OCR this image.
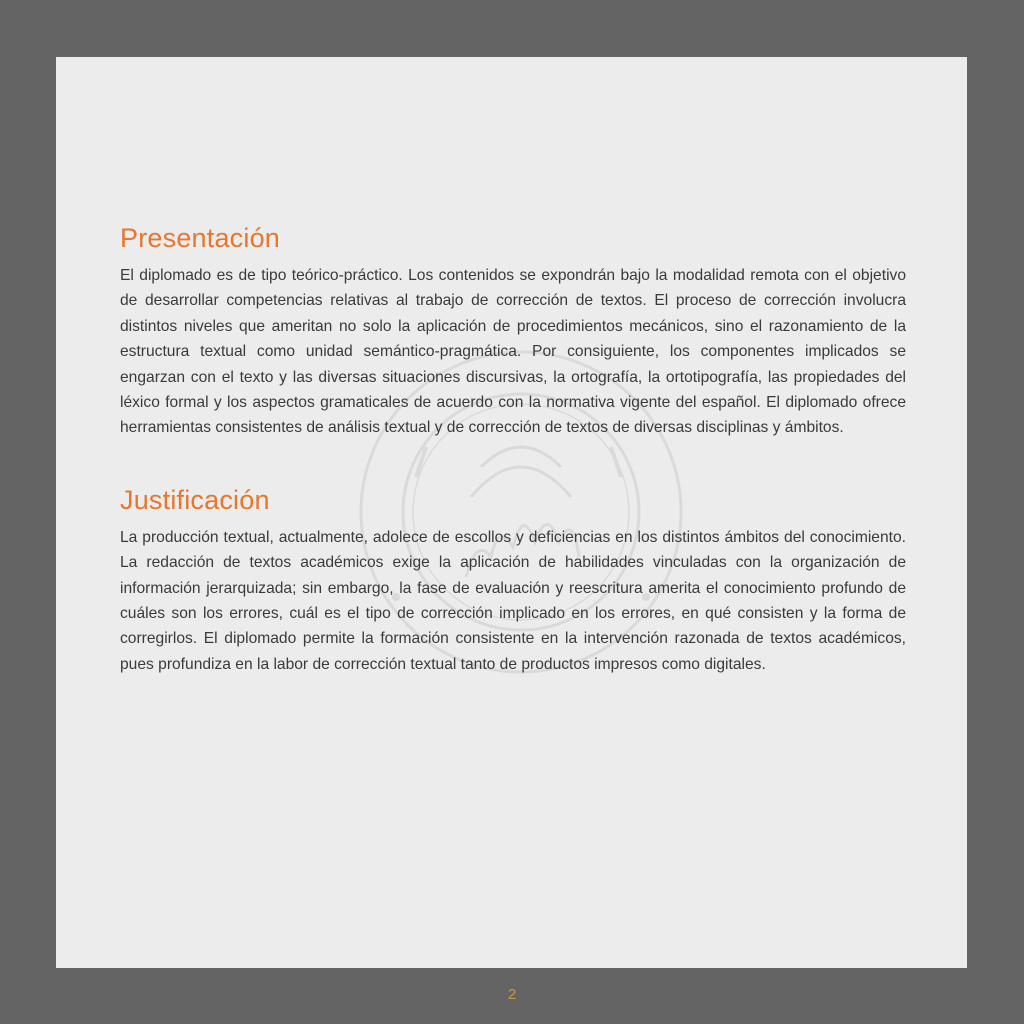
Presentación

El diplomado es de tipo teórico-práctico. Los contenidos se expondrán bajo la modalidad remota con el objetivo de desarrollar competencias relativas al trabajo de corrección de textos. El proceso de corrección involucra distintos niveles que ameritan no solo la aplicación de procedimientos mecánicos, sino el razonamiento de la estructura textual como unidad semántico-pragmática. Por consiguiente, los componentes implicados se engarzan con el texto y las diversas situaciones discursivas, la ortografía, la ortotipografía, las propiedades del léxico formal y los aspectos gramaticales de acuerdo con la normativa vigente del español. El diplomado ofrece herramientas consistentes de análisis textual y de corrección de textos de diversas disciplinas y ámbitos.

Justificación

La producción textual, actualmente, adolece de escollos y deficiencias en los distintos ámbitos del conocimiento. La redacción de textos académicos exige la aplicación de habilidades vinculadas con la organización de información jerarquizada; sin embargo, la fase de evaluación y reescritura amerita el conocimiento profundo de cuáles son los errores, cuál es el tipo de corrección implicado en los errores, en qué consisten y la forma de corregirlos. El diplomado permite la formación consistente en la intervención razonada de textos académicos, pues profundiza en la labor de corrección textual tanto de productos impresos como digitales.

2
